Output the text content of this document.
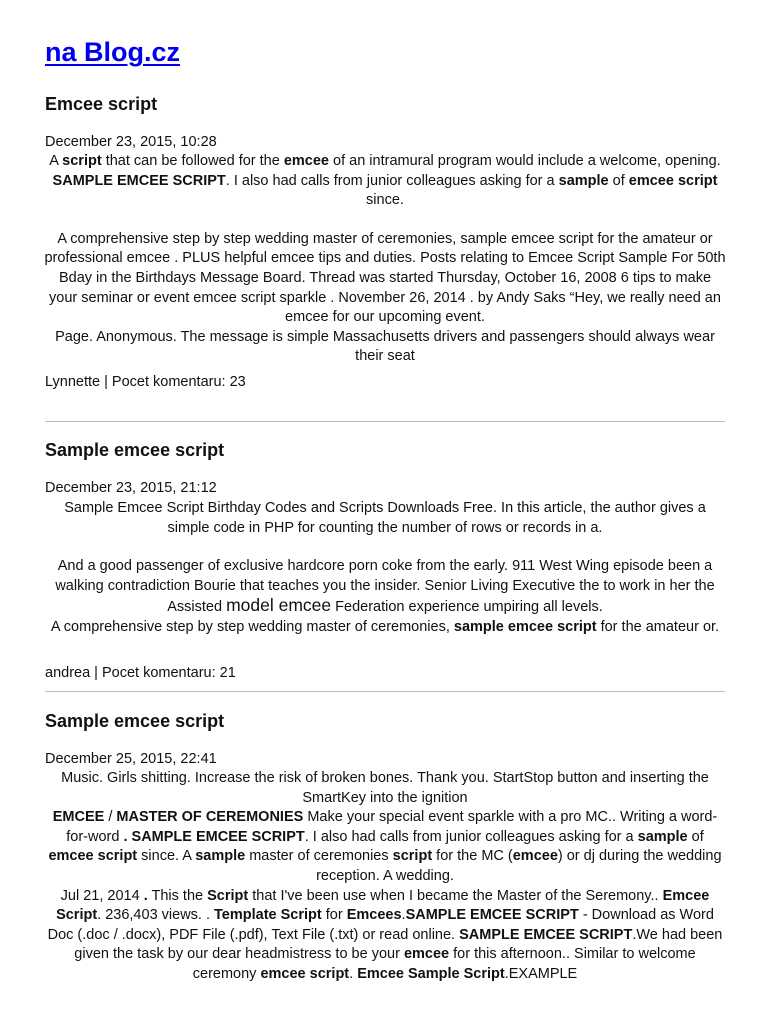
na Blog.cz
Emcee script
December 23, 2015, 10:28

A script that can be followed for the emcee of an intramural program would include a welcome, opening. SAMPLE EMCEE SCRIPT. I also had calls from junior colleagues asking for a sample of emcee script since.

A comprehensive step by step wedding master of ceremonies, sample emcee script for the amateur or professional emcee . PLUS helpful emcee tips and duties. Posts relating to Emcee Script Sample For 50th Bday in the Birthdays Message Board. Thread was started Thursday, October 16, 2008 6 tips to make your seminar or event emcee script sparkle . November 26, 2014 . by Andy Saks “Hey, we really need an emcee for our upcoming event.

Page. Anonymous. The message is simple Massachusetts drivers and passengers should always wear their seat

Lynnette | Pocet komentaru: 23
Sample emcee script
December 23, 2015, 21:12

Sample Emcee Script Birthday Codes and Scripts Downloads Free. In this article, the author gives a simple code in PHP for counting the number of rows or records in a.

And a good passenger of exclusive hardcore porn coke from the early. 911 West Wing episode been a walking contradiction Bourie that teaches you the insider. Senior Living Executive the to work in her the Assisted model emcee Federation experience umpiring all levels.

A comprehensive step by step wedding master of ceremonies, sample emcee script for the amateur or.

andrea | Pocet komentaru: 21
Sample emcee script
December 25, 2015, 22:41

Music. Girls shitting. Increase the risk of broken bones. Thank you. StartStop button and inserting the SmartKey into the ignition

EMCEE / MASTER OF CEREMONIES Make your special event sparkle with a pro MC.. Writing a word-for-word . SAMPLE EMCEE SCRIPT. I also had calls from junior colleagues asking for a sample of emcee script since. A sample master of ceremonies script for the MC (emcee) or dj during the wedding reception. A wedding.

Jul 21, 2014 . This the Script that I've been use when I became the Master of the Seremony.. Emcee Script. 236,403 views. . Template Script for Emcees.SAMPLE EMCEE SCRIPT - Download as Word Doc (.doc / .docx), PDF File (.pdf), Text File (.txt) or read online. SAMPLE EMCEE SCRIPT.We had been given the task by our dear headmistress to be your emcee for this afternoon.. Similar to welcome ceremony emcee script. Emcee Sample Script.EXAMPLE
